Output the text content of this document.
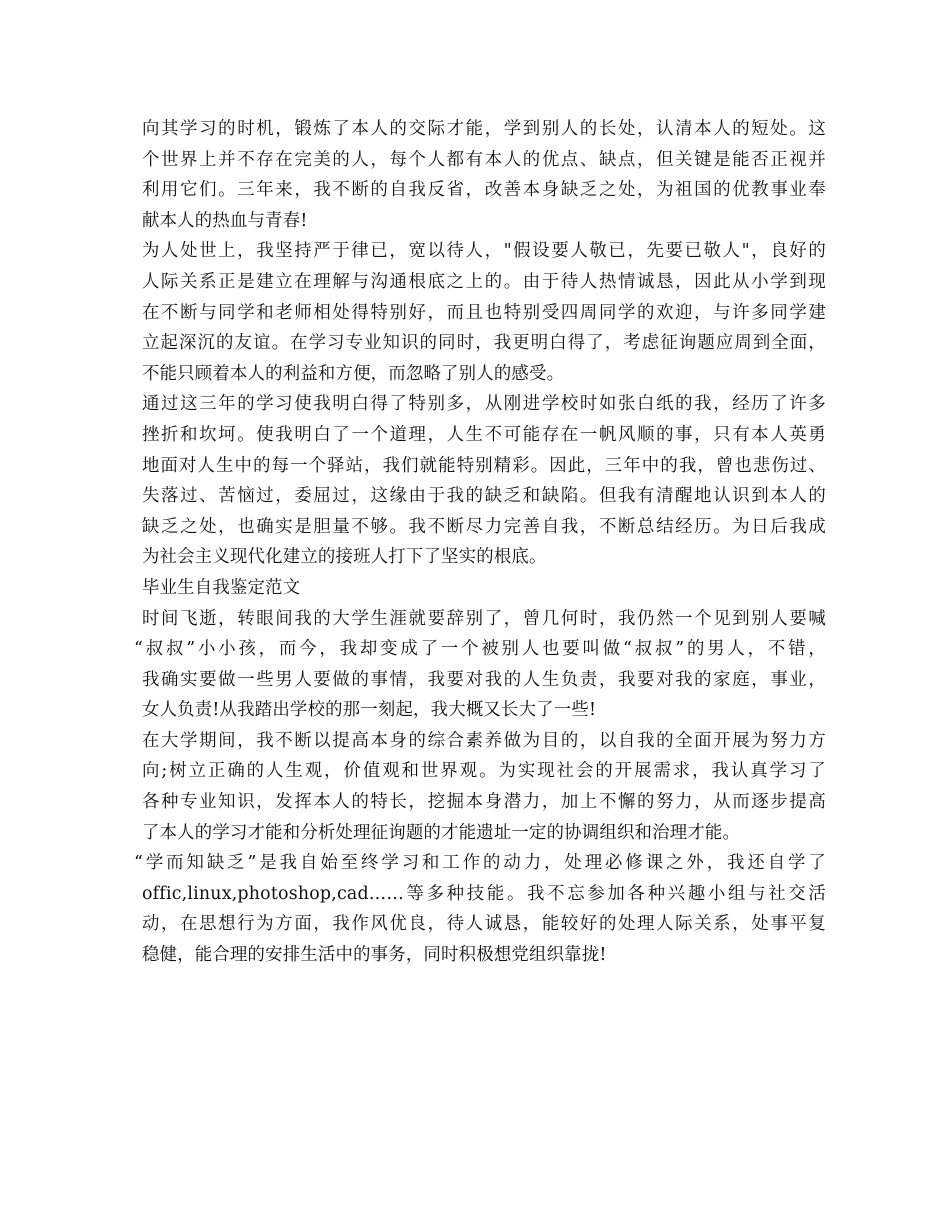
向其学习的时机，锻炼了本人的交际才能，学到别人的长处，认清本人的短处。这
个世界上并不存在完美的人，每个人都有本人的优点、缺点，但关键是能否正视并
利用它们。三年来，我不断的自我反省，改善本身缺乏之处，为祖国的优教事业奉
献本人的热血与青春!
为人处世上，我坚持严于律已，宽以待人，"假设要人敬已，先要已敬人"，良好的
人际关系正是建立在理解与沟通根底之上的。由于待人热情诚恳，因此从小学到现
在不断与同学和老师相处得特别好，而且也特别受四周同学的欢迎，与许多同学建
立起深沉的友谊。在学习专业知识的同时，我更明白得了，考虑征询题应周到全面，
不能只顾着本人的利益和方便，而忽略了别人的感受。
通过这三年的学习使我明白得了特别多，从刚进学校时如张白纸的我，经历了许多
挫折和坎坷。使我明白了一个道理，人生不可能存在一帆风顺的事，只有本人英勇
地面对人生中的每一个驿站，我们就能特别精彩。因此，三年中的我，曾也悲伤过、
失落过、苦恼过，委屈过，这缘由于我的缺乏和缺陷。但我有清醒地认识到本人的
缺乏之处，也确实是胆量不够。我不断尽力完善自我，不断总结经历。为日后我成
为社会主义现代化建立的接班人打下了坚实的根底。
毕业生自我鉴定范文
时间飞逝，转眼间我的大学生涯就要辞别了，曾几何时，我仍然一个见到别人要喊
“叔叔”小小孩，而今，我却变成了一个被别人也要叫做“叔叔”的男人，不错，
我确实要做一些男人要做的事情，我要对我的人生负责，我要对我的家庭，事业，
女人负责!从我踏出学校的那一刻起，我大概又长大了一些!
在大学期间，我不断以提高本身的综合素养做为目的，以自我的全面开展为努力方
向;树立正确的人生观，价值观和世界观。为实现社会的开展需求，我认真学习了
各种专业知识，发挥本人的特长，挖掘本身潜力，加上不懈的努力，从而逐步提高
了本人的学习才能和分析处理征询题的才能遗址一定的协调组织和治理才能。
“学而知缺乏”是我自始至终学习和工作的动力，处理必修课之外，我还自学了
offic,linux,photoshop,cad……等多种技能。我不忘参加各种兴趣小组与社交活
动，在思想行为方面，我作风优良，待人诚恳，能较好的处理人际关系，处事平复
稳健，能合理的安排生活中的事务，同时积极想党组织靠拢!
